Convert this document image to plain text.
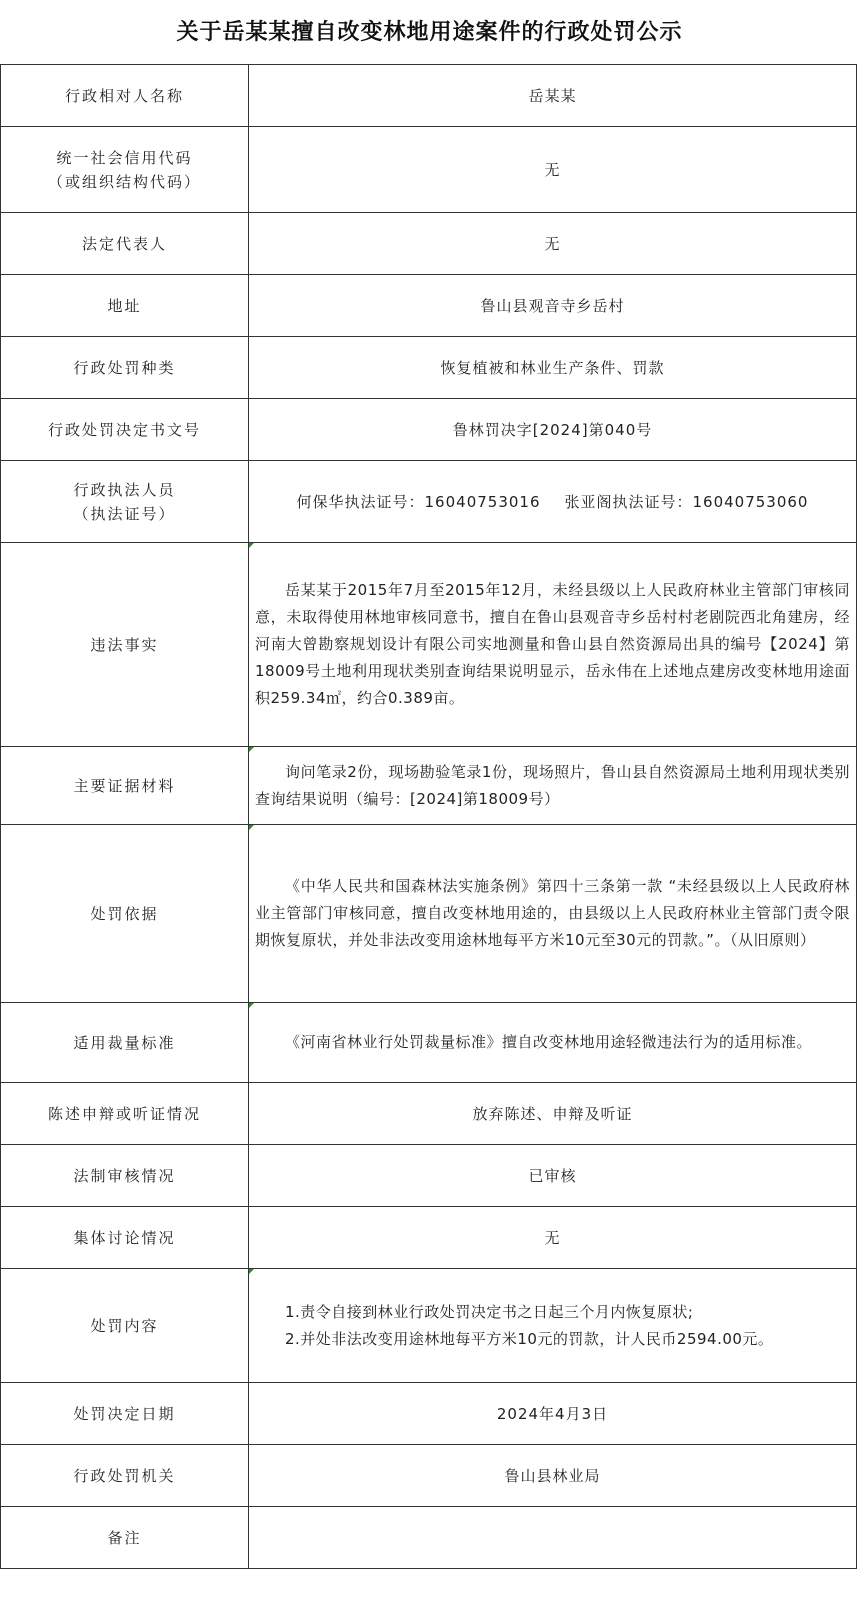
关于岳某某擅自改变林地用途案件的行政处罚公示
行政相对人名称	岳某某

统一社会信用代码
（或组织结构代码）	无
法定代表人	无
地址	鲁山县观音寺乡岳村
行政处罚种类	恢复植被和林业生产条件、罚款
行政处罚决定书文号	鲁林罚决字[2024]第040号

行政执法人员
（执法证号）	何保华执法证号：16040753016 张亚阁执法证号：16040753060
违法事实	岳某某于2015年7月至2015年12月，未经县级以上人民政府林业主管部门审核同意，未取得使用林地审核同意书，擅自在鲁山县观音寺乡岳村村老剧院西北角建房，经河南大曾勘察规划设计有限公司实地测量和鲁山县自然资源局出具的编号【2024】第18009号土地利用现状类别查询结果说明显示，岳永伟在上述地点建房改变林地用途面积259.34㎡，约合0.389亩。

主要证据材料	询问笔录2份，现场勘验笔录1份，现场照片，鲁山县自然资源局土地利用现状类别查询结果说明（编号：[2024]第18009号）

处罚依据	《中华人民共和国森林法实施条例》第四十三条第一款 “未经县级以上人民政府林业主管部门审核同意，擅自改变林地用途的，由县级以上人民政府林业主管部门责令限期恢复原状，并处非法改变用途林地每平方米10元至30元的罚款。”。（从旧原则）

适用裁量标准	《河南省林业行处罚裁量标准》擅自改变林地用途轻微违法行为的适用标准。

陈述申辩或听证情况	放弃陈述、申辩及听证
法制审核情况	已审核
集体讨论情况	无
处罚内容	1.责令自接到林业行政处罚决定书之日起三个月内恢复原状;
2.并处非法改变用途林地每平方米10元的罚款，计人民币2594.00元。

处罚决定日期	2024年4月3日
行政处罚机关	鲁山县林业局
备注	
